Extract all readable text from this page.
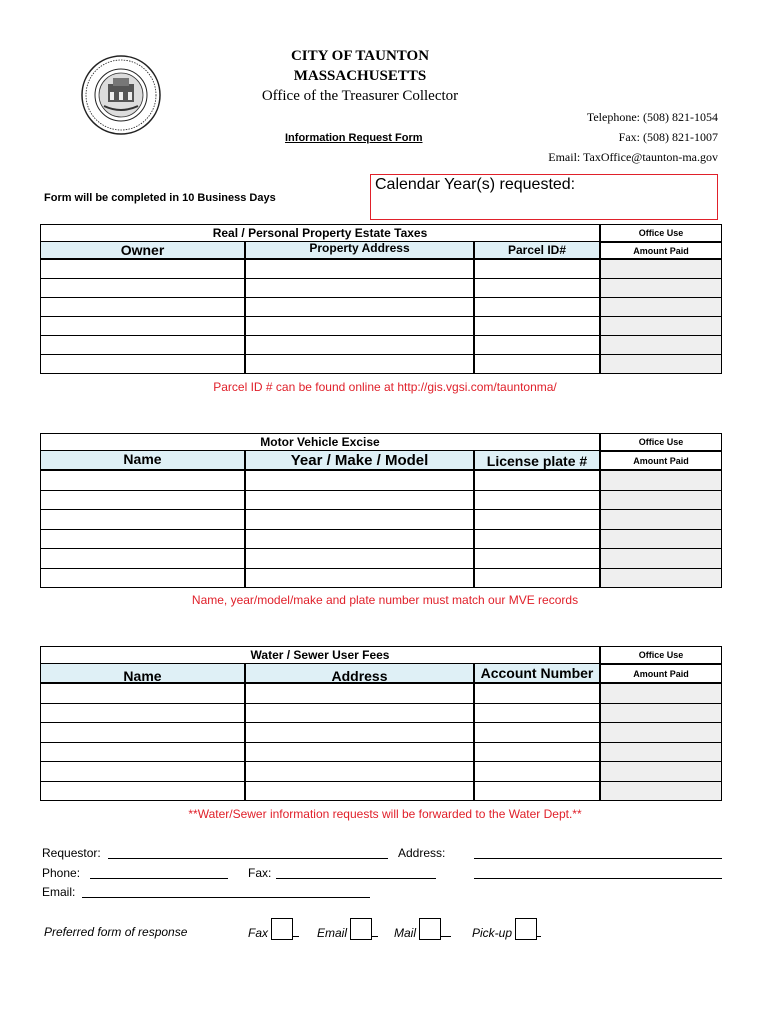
CITY OF TAUNTON
MASSACHUSETTS
Office of the Treasurer Collector
Telephone: (508) 821-1054
Fax: (508) 821-1007
Email: TaxOffice@taunton-ma.gov
Information Request Form
Form will be completed in 10 Business Days
Calendar Year(s) requested:
Real / Personal Property Estate Taxes	Office Use
Owner	Property Address	Parcel ID#	Amount Paid
Parcel ID # can be found online at http://gis.vgsi.com/tauntonma/
Motor Vehicle Excise	Office Use
Name	Year / Make / Model	License plate #	Amount Paid
Name, year/model/make and plate number must match our MVE records
Water / Sewer User Fees	Office Use
Name	Address	Account Number	Amount Paid
**Water/Sewer information requests will be forwarded to the Water Dept.**
Requestor:	Address:
Phone:	Fax:
Email:
Preferred form of response	Fax	Email	Mail	Pick-up
